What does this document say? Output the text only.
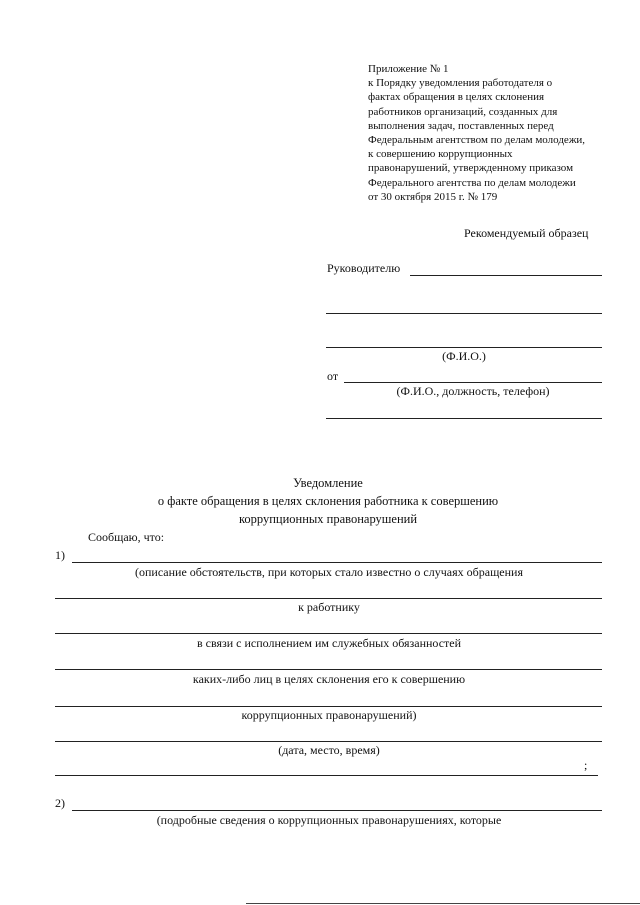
Приложение № 1
к Порядку уведомления работодателя о
фактах обращения в целях склонения
работников организаций, созданных для
выполнения задач, поставленных перед
Федеральным агентством по делам молодежи,
к совершению коррупционных
правонарушений, утвержденному приказом
Федерального агентства по делам молодежи
от 30 октября 2015 г. № 179
Рекомендуемый образец
Руководителю
(Ф.И.О.)
от
(Ф.И.О., должность, телефон)
Уведомление
о факте обращения в целях склонения работника к совершению
коррупционных правонарушений
Сообщаю, что:
1)
(описание обстоятельств, при которых стало известно о случаях обращения
к работнику
в связи с исполнением им служебных обязанностей
каких-либо лиц в целях склонения его к совершению
коррупционных правонарушений)
(дата, место, время)
;
2)
(подробные сведения о коррупционных правонарушениях, которые
